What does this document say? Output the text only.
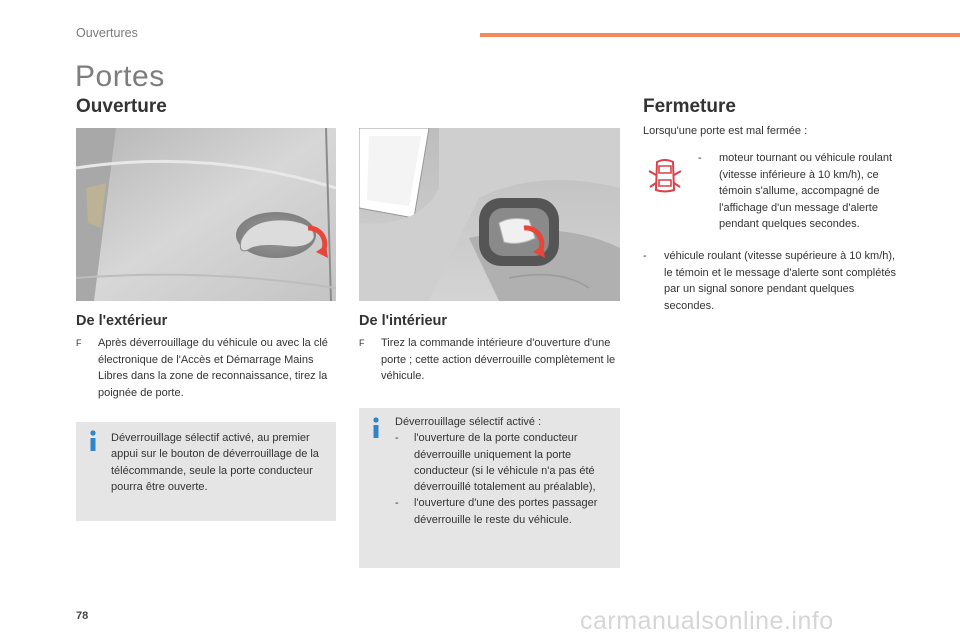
Ouvertures
Portes
Ouverture	Fermeture
De l'extérieur	De l'intérieur
F	Après déverrouillage du véhicule ou avec la clé électronique de l'Accès et Démarrage Mains Libres dans la zone de reconnaissance, tirez la poignée de porte.
F	Tirez la commande intérieure d'ouverture d'une porte ; cette action déverrouille complètement le véhicule.
Déverrouillage sélectif activé, au premier appui sur le bouton de déverrouillage de la télécommande, seule la porte conducteur pourra être ouverte.
Déverrouillage sélectif activé :
- l'ouverture de la porte conducteur déverrouille uniquement la porte conducteur (si le véhicule n'a pas été déverrouillé totalement au préalable),
- l'ouverture d'une des portes passager déverrouille le reste du véhicule.
Lorsqu'une porte est mal fermée :
-	moteur tournant ou véhicule roulant (vitesse inférieure à 10 km/h), ce témoin s'allume, accompagné de l'affichage d'un message d'alerte pendant quelques secondes.
-	véhicule roulant (vitesse supérieure à 10 km/h), le témoin et le message d'alerte sont complétés par un signal sonore pendant quelques secondes.
78	carmanualsonline.info
